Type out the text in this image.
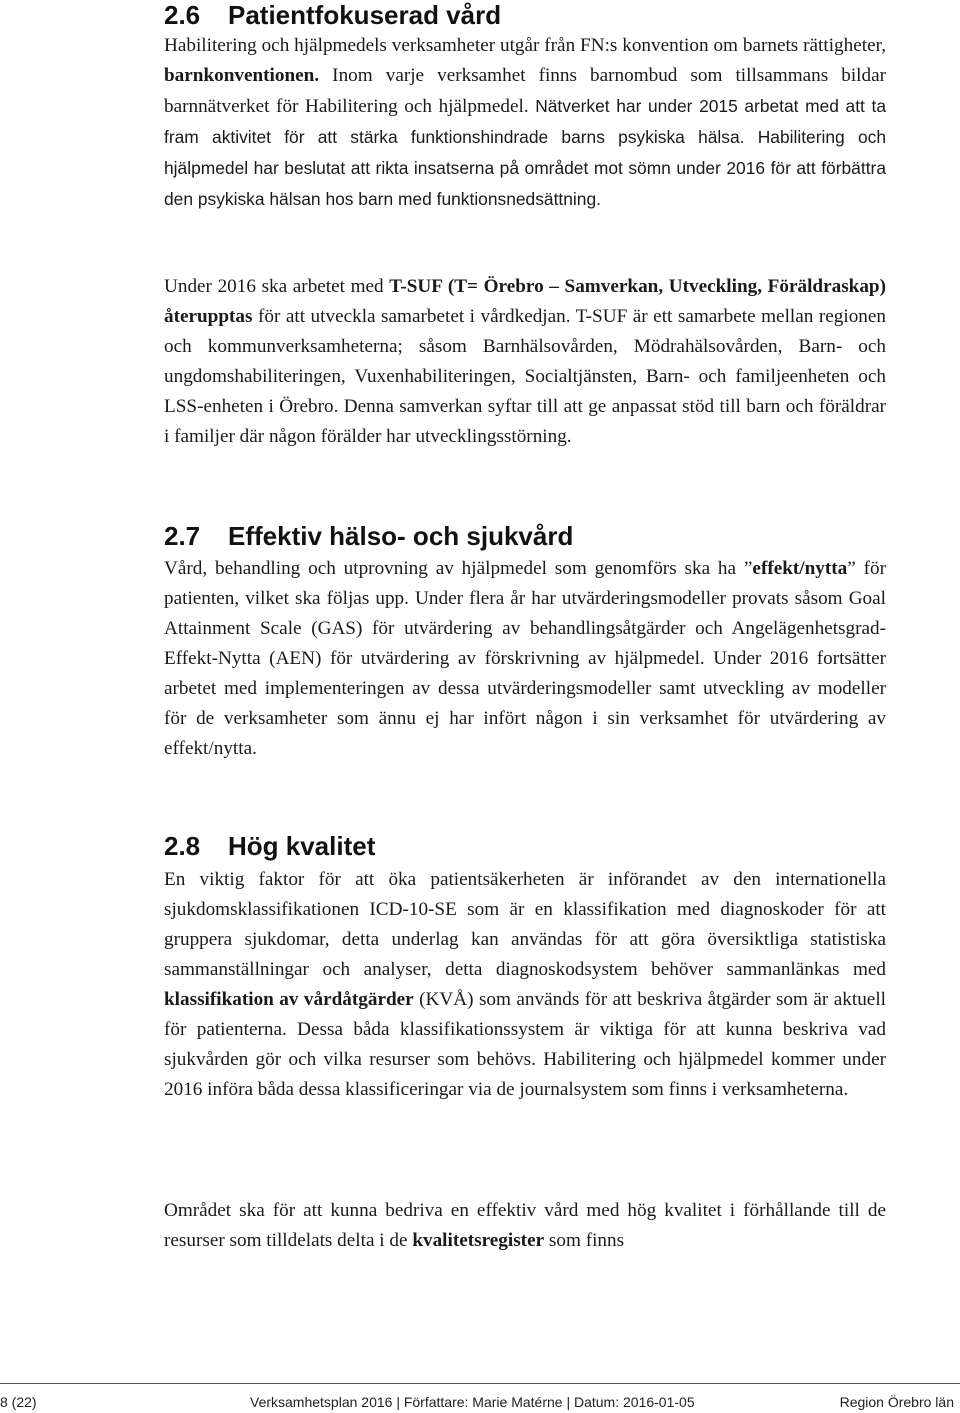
2.6 Patientfokuserad vård

Habilitering och hjälpmedels verksamheter utgår från FN:s konvention om barnets rättigheter, barnkonventionen. Inom varje verksamhet finns barnombud som tillsammans bildar barnnätverket för Habilitering och hjälpmedel. Nätverket har under 2015 arbetat med att ta fram aktivitet för att stärka funktionshindrade barns psykiska hälsa. Habilitering och hjälpmedel har beslutat att rikta insatserna på området mot sömn under 2016 för att förbättra den psykiska hälsan hos barn med funktionsnedsättning.

Under 2016 ska arbetet med T-SUF (T= Örebro – Samverkan, Utveckling, Föräldraskap) återupptas för att utveckla samarbetet i vårdkedjan. T-SUF är ett samarbete mellan regionen och kommunverksamheterna; såsom Barnhälsovården, Mödrahälsovården, Barn- och ungdomshabiliteringen, Vuxenhabiliteringen, Socialtjänsten, Barn- och familjeenheten och LSS-enheten i Örebro. Denna samverkan syftar till att ge anpassat stöd till barn och föräldrar i familjer där någon förälder har utvecklingsstörning.

2.7 Effektiv hälso- och sjukvård

Vård, behandling och utprovning av hjälpmedel som genomförs ska ha ”effekt/nytta” för patienten, vilket ska följas upp. Under flera år har utvärderingsmodeller provats såsom Goal Attainment Scale (GAS) för utvärdering av behandlingsåtgärder och Angelägenhetsgrad-Effekt-Nytta (AEN) för utvärdering av förskrivning av hjälpmedel. Under 2016 fortsätter arbetet med implementeringen av dessa utvärderingsmodeller samt utveckling av modeller för de verksamheter som ännu ej har infört någon i sin verksamhet för utvärdering av effekt/nytta.

2.8 Hög kvalitet

En viktig faktor för att öka patientsäkerheten är införandet av den internationella sjukdomsklassifikationen ICD-10-SE som är en klassifikation med diagnoskoder för att gruppera sjukdomar, detta underlag kan användas för att göra översiktliga statistiska sammanställningar och analyser, detta diagnoskodsystem behöver sammanlänkas med klassifikation av vårdåtgärder (KVÅ) som används för att beskriva åtgärder som är aktuell för patienterna. Dessa båda klassifikationssystem är viktiga för att kunna beskriva vad sjukvården gör och vilka resurser som behövs. Habilitering och hjälpmedel kommer under 2016 införa båda dessa klassificeringar via de journalsystem som finns i verksamheterna.

Området ska för att kunna bedriva en effektiv vård med hög kvalitet i förhållande till de resurser som tilldelats delta i de kvalitetsregister som finns

8 (22)	Verksamhetsplan 2016 | Författare: Marie Matérne | Datum: 2016-01-05	Region Örebro län
